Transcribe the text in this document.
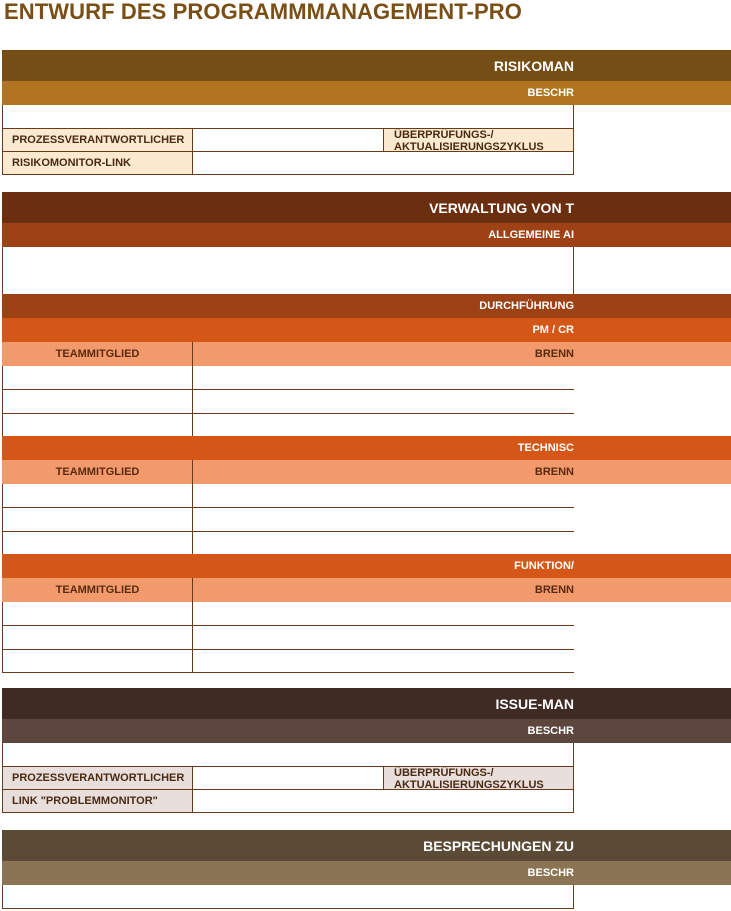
ENTWURF DES PROGRAMMMANAGEMENT-PRO
RISIKOMAN
BESCHR
PROZESSVERANTWORTLICHER	ÜBERPRÜFUNGS-/ AKTUALISIERUNGSZYKLUS
RISIKOMONITOR-LINK
VERWALTUNG VON T
ALLGEMEINE AI
DURCHFÜHRUNG
PM / CR
TEAMMITGLIED	BRENN
TECHNISC
TEAMMITGLIED	BRENN
FUNKTION/
TEAMMITGLIED	BRENN
ISSUE-MAN
BESCHR
PROZESSVERANTWORTLICHER	ÜBERPRÜFUNGS-/ AKTUALISIERUNGSZYKLUS
LINK "PROBLEMMONITOR"
BESPRECHUNGEN ZU
BESCHR
